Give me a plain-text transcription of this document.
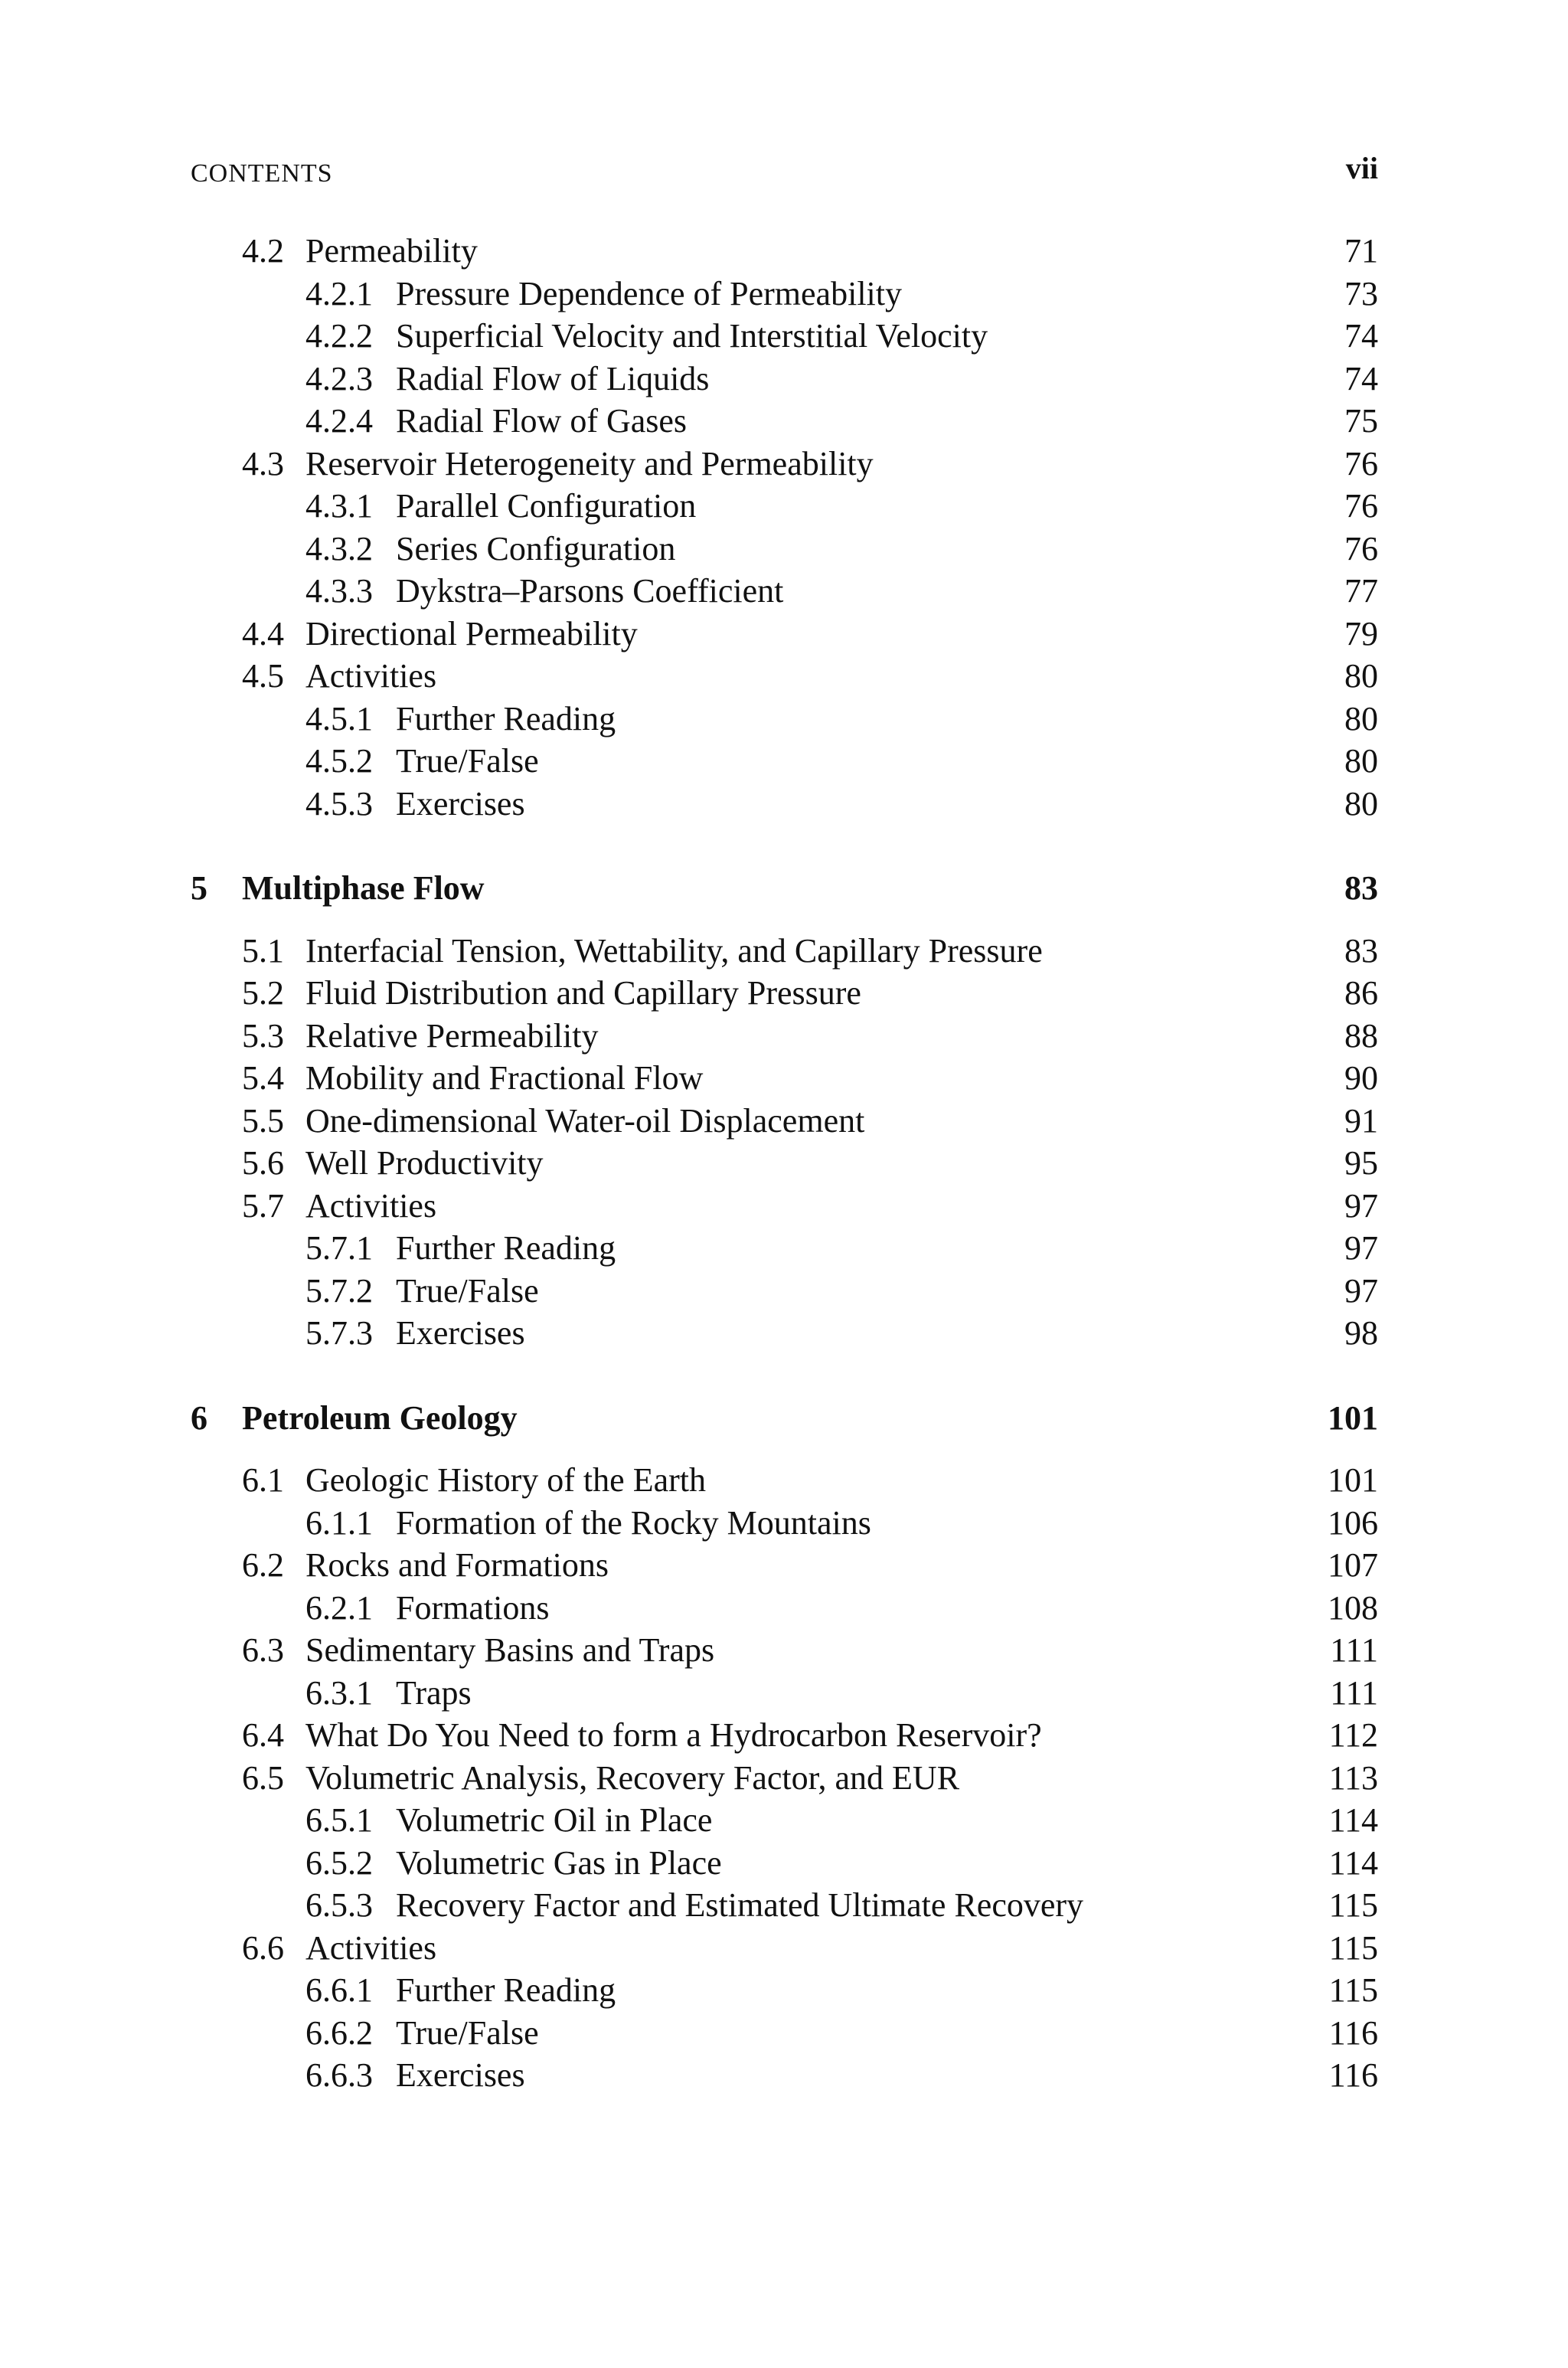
CONTENTS	vii
4.2 Permeability	71
4.2.1 Pressure Dependence of Permeability	73
4.2.2 Superficial Velocity and Interstitial Velocity	74
4.2.3 Radial Flow of Liquids	74
4.2.4 Radial Flow of Gases	75
4.3 Reservoir Heterogeneity and Permeability	76
4.3.1 Parallel Configuration	76
4.3.2 Series Configuration	76
4.3.3 Dykstra–Parsons Coefficient	77
4.4 Directional Permeability	79
4.5 Activities	80
4.5.1 Further Reading	80
4.5.2 True/False	80
4.5.3 Exercises	80
5 Multiphase Flow	83
5.1 Interfacial Tension, Wettability, and Capillary Pressure	83
5.2 Fluid Distribution and Capillary Pressure	86
5.3 Relative Permeability	88
5.4 Mobility and Fractional Flow	90
5.5 One-dimensional Water-oil Displacement	91
5.6 Well Productivity	95
5.7 Activities	97
5.7.1 Further Reading	97
5.7.2 True/False	97
5.7.3 Exercises	98
6 Petroleum Geology	101
6.1 Geologic History of the Earth	101
6.1.1 Formation of the Rocky Mountains	106
6.2 Rocks and Formations	107
6.2.1 Formations	108
6.3 Sedimentary Basins and Traps	111
6.3.1 Traps	111
6.4 What Do You Need to form a Hydrocarbon Reservoir?	112
6.5 Volumetric Analysis, Recovery Factor, and EUR	113
6.5.1 Volumetric Oil in Place	114
6.5.2 Volumetric Gas in Place	114
6.5.3 Recovery Factor and Estimated Ultimate Recovery	115
6.6 Activities	115
6.6.1 Further Reading	115
6.6.2 True/False	116
6.6.3 Exercises	116
